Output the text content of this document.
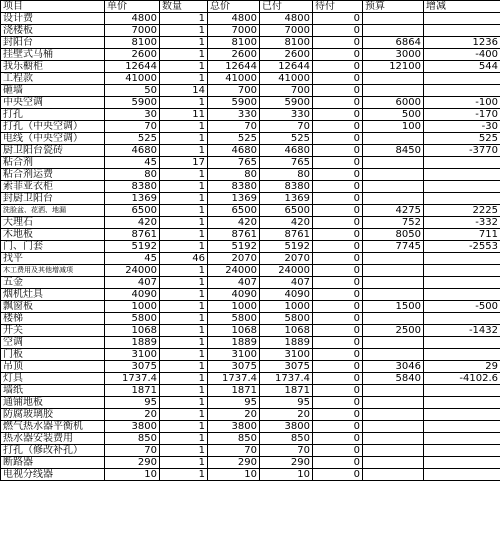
项目	单价	数量	总价	已付	待付	预算	增减
设计费	4800	1	4800	4800	0		
浇楼板	7000	1	7000	7000	0		
封阳台	8100	1	8100	8100	0	6864	1236
挂壁式马桶	2600	1	2600	2600	0	3000	-400
我乐橱柜	12644	1	12644	12644	0	12100	544
工程款	41000	1	41000	41000	0		
砸墙	50	14	700	700	0		
中央空调	5900	1	5900	5900	0	6000	-100
打孔	30	11	330	330	0	500	-170
打孔（中央空调）	70	1	70	70	0	100	-30
电线（中央空调）	525	1	525	525	0		525
厨卫阳台瓷砖	4680	1	4680	4680	0	8450	-3770
粘合剂	45	17	765	765	0		
粘合剂运费	80	1	80	80	0		
索菲亚衣柜	8380	1	8380	8380	0		
封厨卫阳台	1369	1	1369	1369	0		
洗脸盆、花洒、地漏	6500	1	6500	6500	0	4275	2225
大理石	420	1	420	420	0	752	-332
木地板	8761	1	8761	8761	0	8050	711
门、门套	5192	1	5192	5192	0	7745	-2553
找平	45	46	2070	2070	0		
木工费用及其他增减项	24000	1	24000	24000	0		
五金	407	1	407	407	0		
烟机灶具	4090	1	4090	4090	0		
飘窗板	1000	1	1000	1000	0	1500	-500
楼梯	5800	1	5800	5800	0		
开关	1068	1	1068	1068	0	2500	-1432
空调	1889	1	1889	1889	0		
门板	3100	1	3100	3100	0		
吊顶	3075	1	3075	3075	0	3046	29
灯具	1737.4	1	1737.4	1737.4	0	5840	-4102.6
墙纸	1871	1	1871	1871	0		
通铺地板	95	1	95	95	0		
防腐玻璃胶	20	1	20	20	0		
燃气热水器平衡机	3800	1	3800	3800	0		
热水器安装费用	850	1	850	850	0		
打孔（修改补孔）	70	1	70	70	0		
断路器	290	1	290	290	0		
电视分线器	10	1	10	10	0		
